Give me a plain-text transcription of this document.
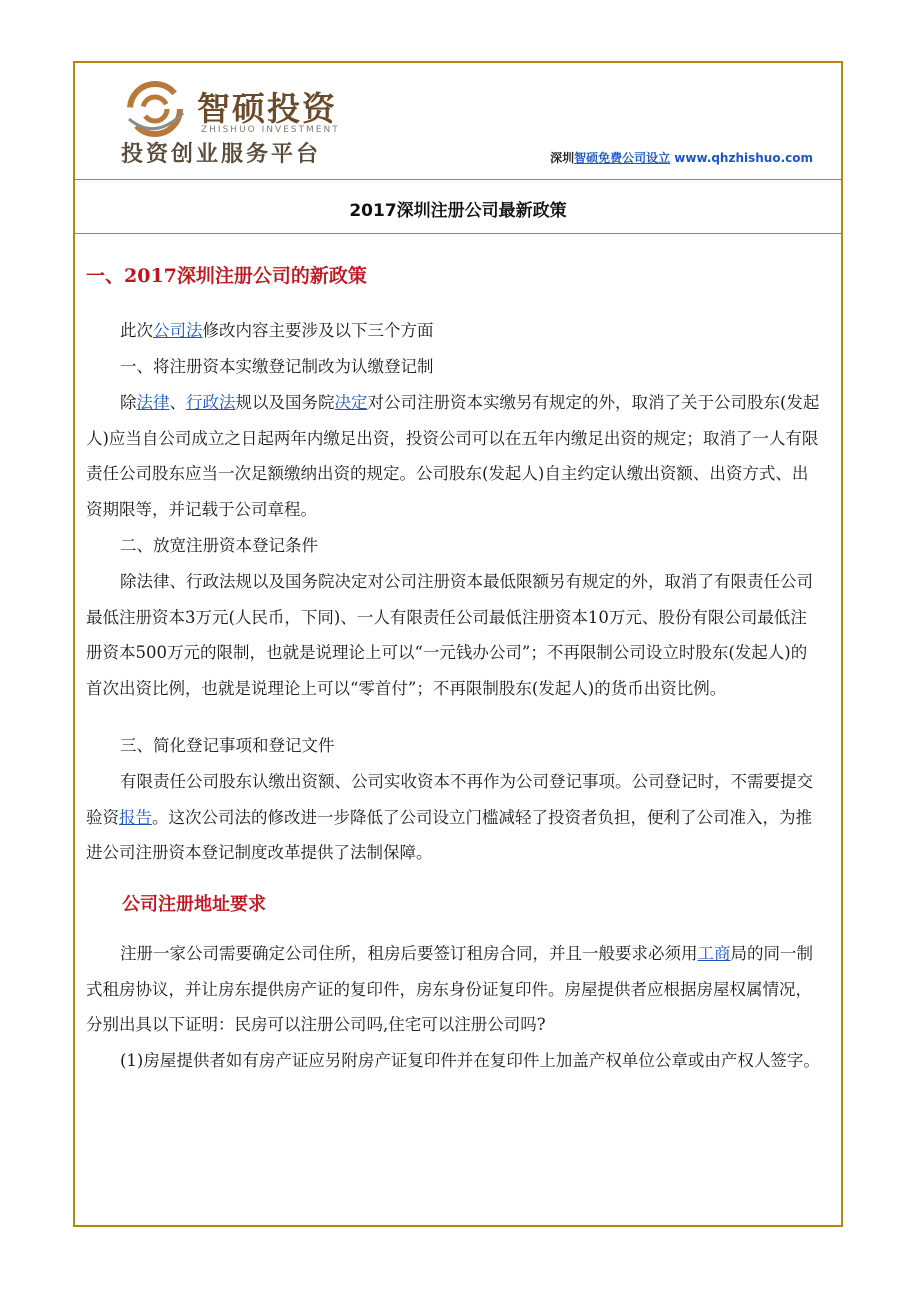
智硕投资
ZHISHUO INVESTMENT
投资创业服务平台	深圳智硕免费公司设立 www.qhzhishuo.com
2017深圳注册公司最新政策
一、2017深圳注册公司的新政策

此次公司法修改内容主要涉及以下三个方面

一、将注册资本实缴登记制改为认缴登记制

除法律、行政法规以及国务院决定对公司注册资本实缴另有规定的外，取消了关于公司股东(发起人)应当自公司成立之日起两年内缴足出资，投资公司可以在五年内缴足出资的规定；取消了一人有限责任公司股东应当一次足额缴纳出资的规定。公司股东(发起人)自主约定认缴出资额、出资方式、出资期限等，并记载于公司章程。

二、放宽注册资本登记条件

除法律、行政法规以及国务院决定对公司注册资本最低限额另有规定的外，取消了有限责任公司最低注册资本3万元(人民币，下同)、一人有限责任公司最低注册资本10万元、股份有限公司最低注册资本500万元的限制，也就是说理论上可以“一元钱办公司”；不再限制公司设立时股东(发起人)的首次出资比例，也就是说理论上可以“零首付”；不再限制股东(发起人)的货币出资比例。

三、简化登记事项和登记文件

有限责任公司股东认缴出资额、公司实收资本不再作为公司登记事项。公司登记时，不需要提交验资报告。这次公司法的修改进一步降低了公司设立门槛减轻了投资者负担，便利了公司准入，为推进公司注册资本登记制度改革提供了法制保障。

公司注册地址要求

注册一家公司需要确定公司住所，租房后要签订租房合同，并且一般要求必须用工商局的同一制式租房协议，并让房东提供房产证的复印件，房东身份证复印件。房屋提供者应根据房屋权属情况，分别出具以下证明：民房可以注册公司吗,住宅可以注册公司吗?

(1)房屋提供者如有房产证应另附房产证复印件并在复印件上加盖产权单位公章或由产权人签字。
